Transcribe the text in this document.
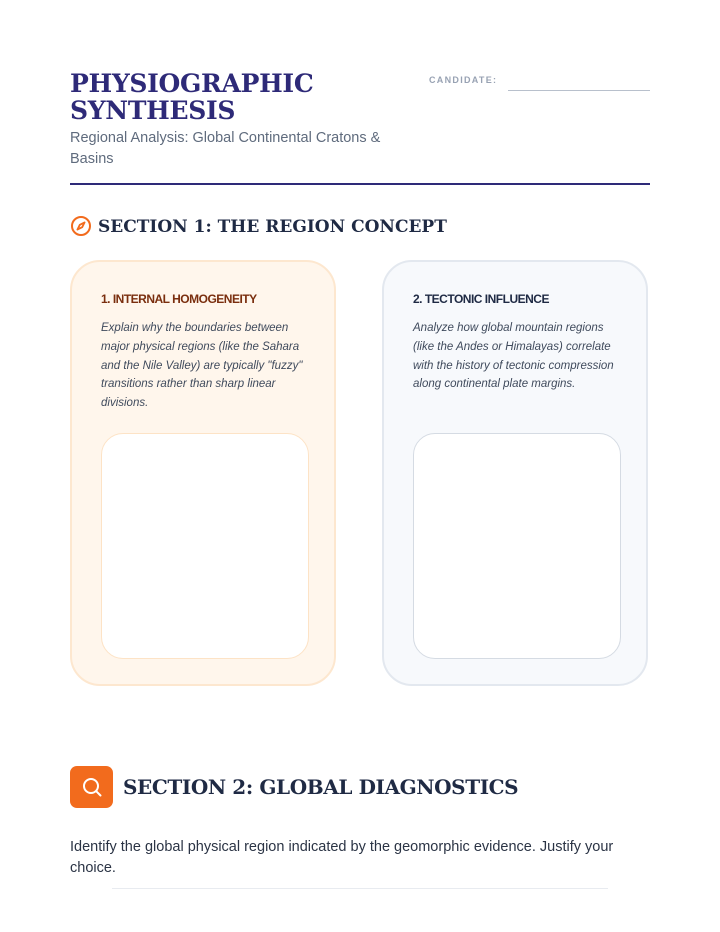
PHYSIOGRAPHIC SYNTHESIS
Regional Analysis: Global Continental Cratons & Basins
CANDIDATE:
SECTION 1: THE REGION CONCEPT
1. INTERNAL HOMOGENEITY
Explain why the boundaries between major physical regions (like the Sahara and the Nile Valley) are typically "fuzzy" transitions rather than sharp linear divisions.
2. TECTONIC INFLUENCE
Analyze how global mountain regions (like the Andes or Himalayas) correlate with the history of tectonic compression along continental plate margins.
SECTION 2: GLOBAL DIAGNOSTICS
Identify the global physical region indicated by the geomorphic evidence. Justify your choice.
